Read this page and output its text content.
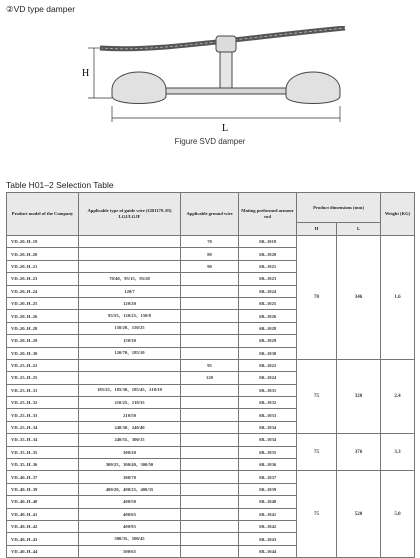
②VD type damper
H
L
Figure SVD damper
Table H01–2 Selection Table
Product model of the Company	Applicable type of guide wire (GB1179–83) LGJ/LGJF	Applicable ground wire	Mating preformed armour rod	Product dimensions (mm)		Weight (KG)
				H	L	
VD–20–H–19		70	SR–1019	70	346	1.6
VD–20–H–20		80	SR–1020			
VD–20–H–21		90	SR–1021			
VD–20–H–23	70/40、95/15、95/20		SR–1023			
VD–20–H–24	120/7		SR–1024			
VD–20–H–25	120/20		SR–1025			
VD–20–H–26	95/55、120/25、150/8		SR–1026			
VD–20–H–28	150/20、150/25		SR–1028			
VD–20–H–29	150/30		SR–1029			
VD–20–H–30	120/70、185/10		SR–1030			
VD–25–H–22		95	SR–1022	75	320	2.4
VD–25–H–25		120	SR–1024			
VD–25–H–31	185/25、185/30、185/45、210/10		SR–1031			
VD–25–H–32	210/25、210/35		SR–1032			
VD–25–H–33	210/50		SR–1033			
VD–25–H–34	240/30、240/40		SR–1034			
VD–35–H–34	240/55、300/15		SR–1034	75	376	3.3
VD–35–H–35	300/20		SR–1035			
VD–35–H–36	300/25、300/40、300/50		SR–1036			
VD–40–H–37	300/70		SR–1037	75	520	5.0
VD–40–H–39	400/20、400/25、400/35		SR–1039			
VD–40–H–40	400/50		SR–1040			
VD–40–H–41	400/65		SR–1041			
VD–40–H–42	400/95		SR–1042			
VD–40–H–43	500/35、500/45		SR–1043			
VD–40–H–44	500/65		SR–1044			
